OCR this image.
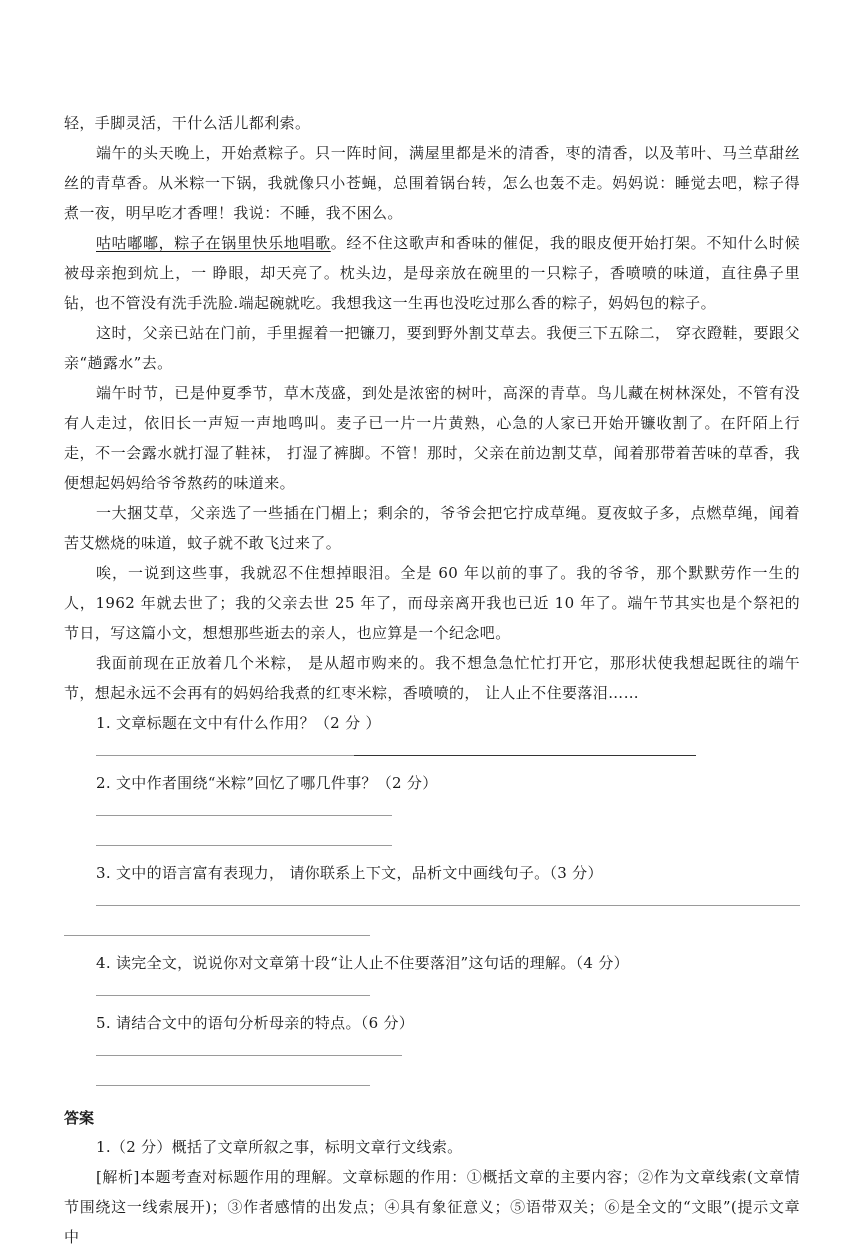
轻，手脚灵活，干什么活儿都利索。

端午的头天晚上，开始煮粽子。只一阵时间，满屋里都是米的清香，枣的清香，以及苇叶、马兰草甜丝丝的青草香。从米粽一下锅，我就像只小苍蝇，总围着锅台转，怎么也轰不走。妈妈说：睡觉去吧，粽子得煮一夜，明早吃才香哩！我说：不睡，我不困么。

咕咕嘟嘟，粽子在锅里快乐地唱歌。经不住这歌声和香味的催促，我的眼皮便开始打架。不知什么时候被母亲抱到炕上，一 睁眼，却天亮了。枕头边，是母亲放在碗里的一只粽子，香喷喷的味道，直往鼻子里钻，也不管没有洗手洗脸.端起碗就吃。我想我这一生再也没吃过那么香的粽子，妈妈包的粽子。

这时，父亲已站在门前，手里握着一把镰刀，要到野外割艾草去。我便三下五除二， 穿衣蹬鞋，要跟父亲“趟露水”去。

端午时节，已是仲夏季节，草木茂盛，到处是浓密的树叶，高深的青草。鸟儿藏在树林深处，不管有没有人走过，依旧长一声短一声地鸣叫。麦子已一片一片黄熟，心急的人家已开始开镰收割了。在阡陌上行走，不一会露水就打湿了鞋袜， 打湿了裤脚。不管！那时，父亲在前边割艾草，闻着那带着苦味的草香，我便想起妈妈给爷爷熬药的味道来。

一大捆艾草，父亲选了一些插在门楣上；剩余的，爷爷会把它拧成草绳。夏夜蚊子多，点燃草绳，闻着苦艾燃烧的味道，蚊子就不敢飞过来了。

唉，一说到这些事，我就忍不住想掉眼泪。全是 60 年以前的事了。我的爷爷，那个默默劳作一生的人，1962 年就去世了；我的父亲去世 25 年了，而母亲离开我也已近 10 年了。端午节其实也是个祭祀的节日，写这篇小文，想想那些逝去的亲人，也应算是一个纪念吧。

我面前现在正放着几个米粽， 是从超市购来的。我不想急急忙忙打开它，那形状使我想起既往的端午节，想起永远不会再有的妈妈给我煮的红枣米粽，香喷喷的， 让人止不住要落泪……

1. 文章标题在文中有什么作用？（2 分 ）

2. 文中作者围绕“米粽”回忆了哪几件事？（2 分）

3. 文中的语言富有表现力， 请你联系上下文，品析文中画线句子。（3 分）

4. 读完全文，说说你对文章第十段“让人止不住要落泪”这句话的理解。（4 分）

5. 请结合文中的语句分析母亲的特点。（6 分）

答案

1.（2 分）概括了文章所叙之事，标明文章行文线索。

[解析]本题考查对标题作用的理解。文章标题的作用：①概括文章的主要内容；②作为文章线索(文章情节围绕这一线索展开)；③作者感情的出发点；④具有象征意义；⑤语带双关；⑥是全文的“文眼”(提示文章中
